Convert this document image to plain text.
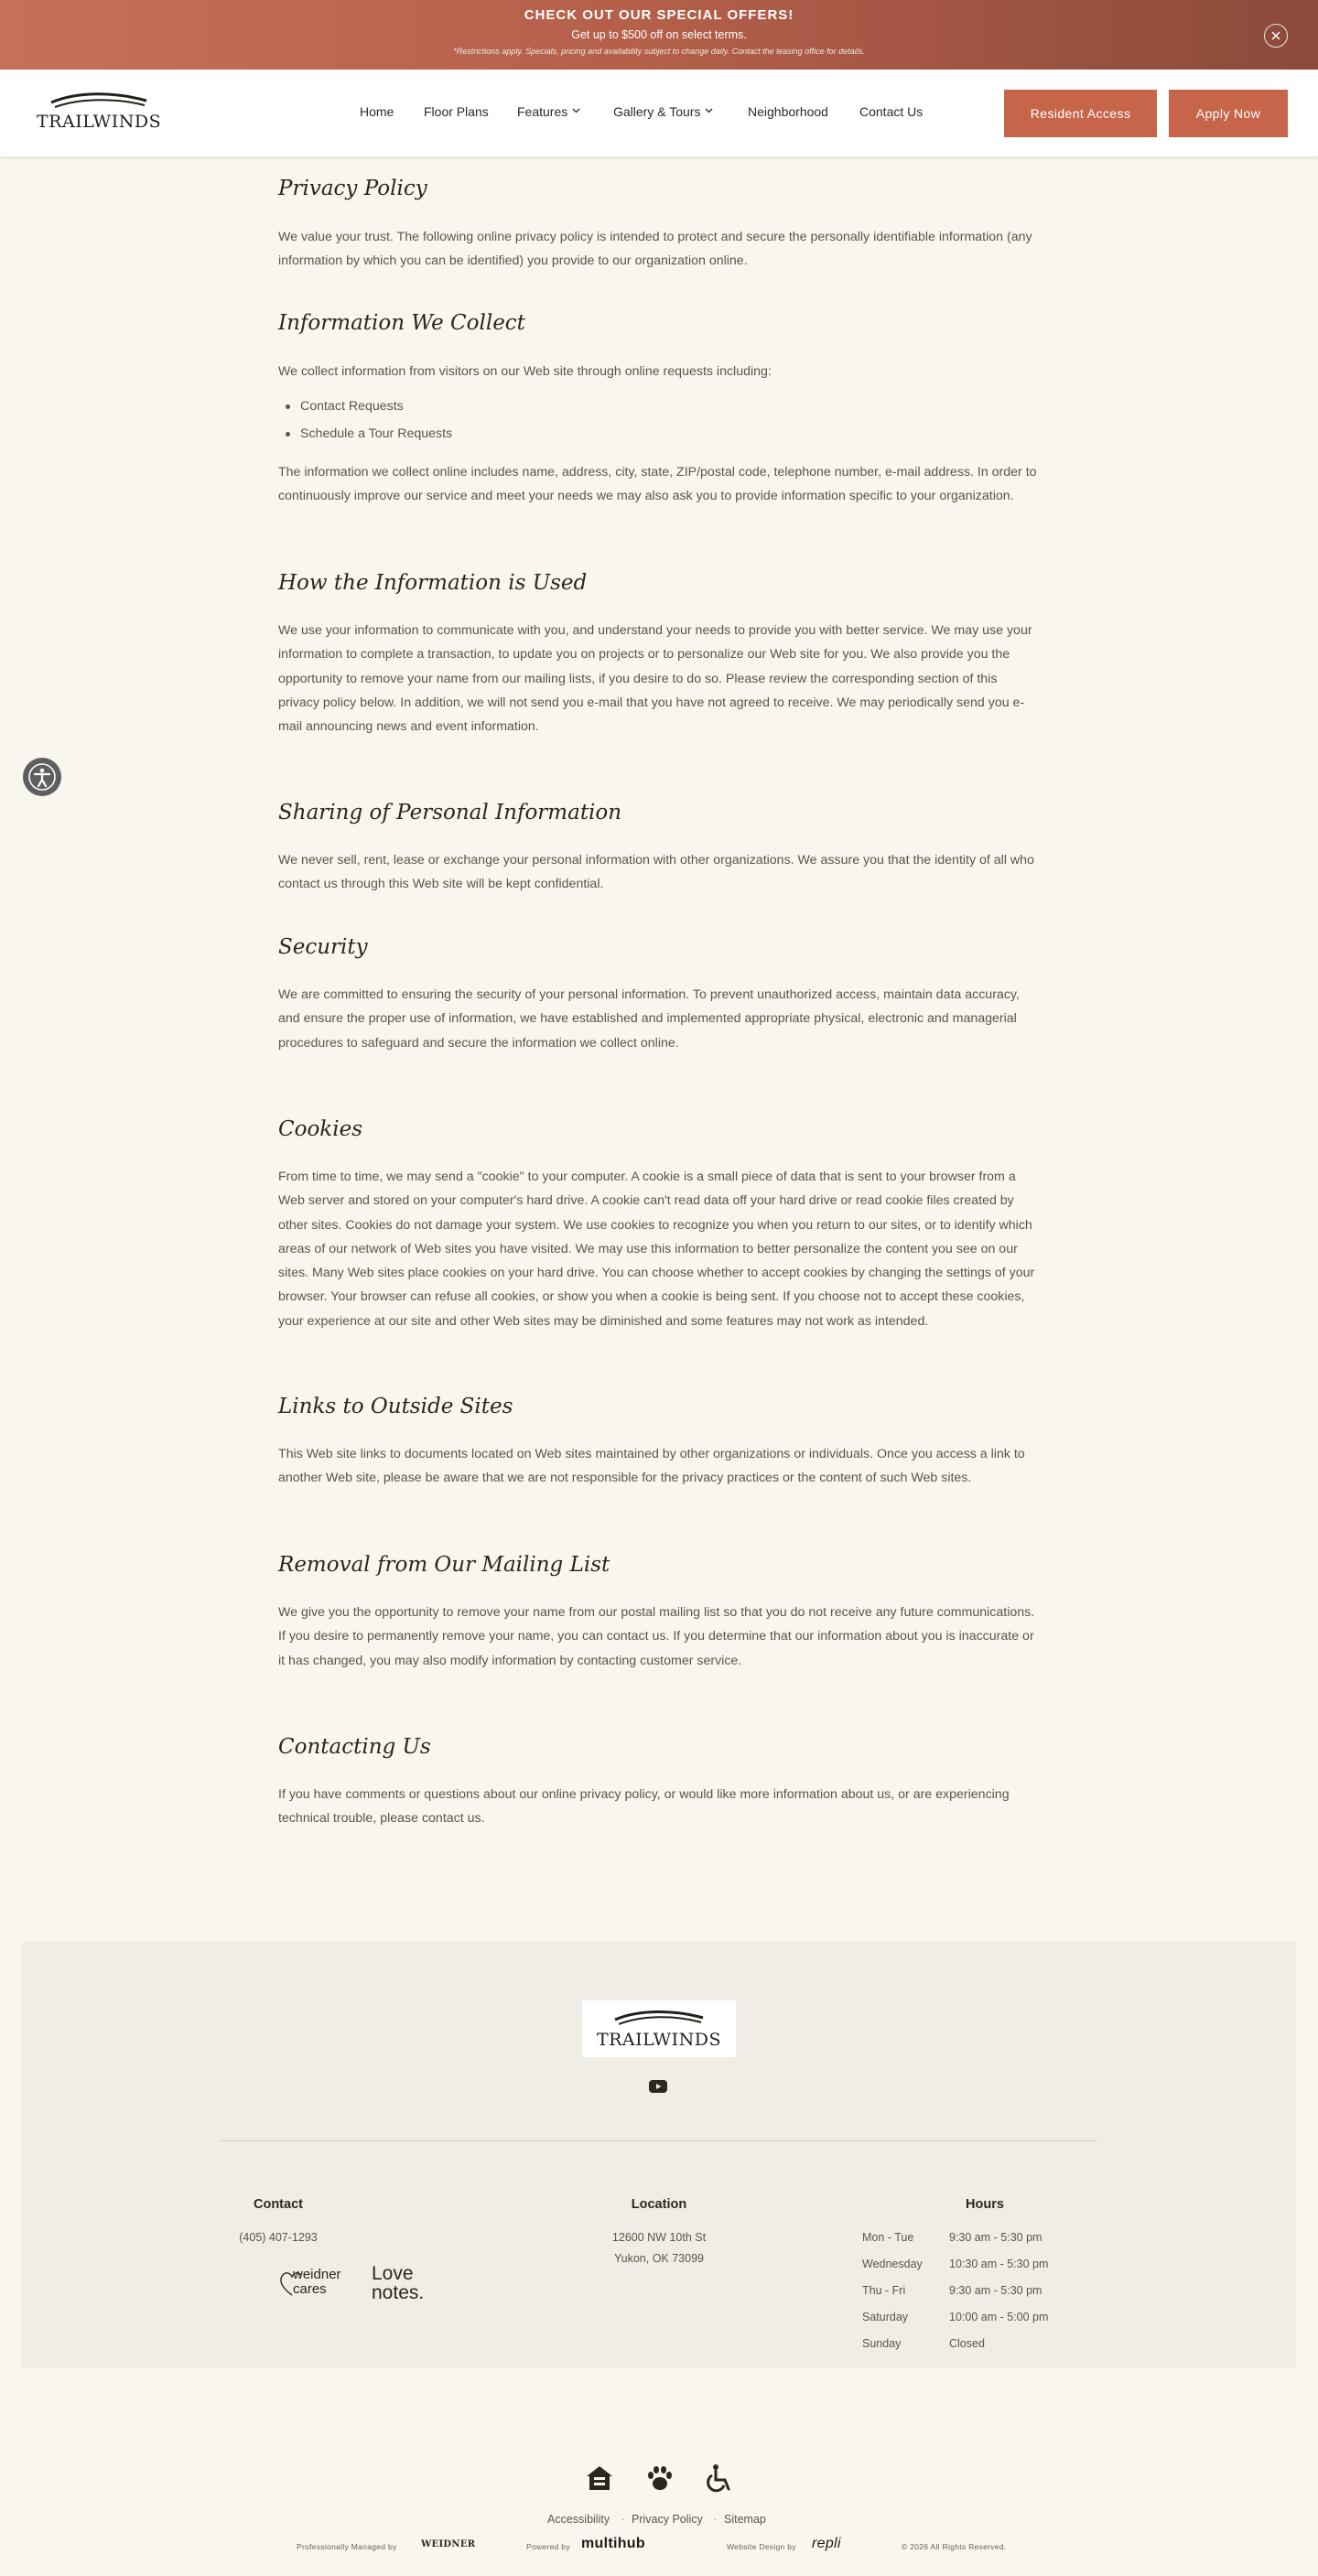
CHECK OUT OUR SPECIAL OFFERS!
Get up to $500 off on select terms.
*Restrictions apply. Specials, pricing and availability subject to change daily. Contact the leasing office for details.
TRAILWINDS	Home Floor Plans Features	Gallery & Tours	Neighborhood Contact Us	Resident Access	Apply Now
Privacy Policy
We value your trust. The following online privacy policy is intended to protect and secure the personally identifiable information (any information by which you can be identified) you provide to our organization online.
Information We Collect
We collect information from visitors on our Web site through online requests including:
Contact Requests
Schedule a Tour Requests
The information we collect online includes name, address, city, state, ZIP/postal code, telephone number, e-mail address. In order to continuously improve our service and meet your needs we may also ask you to provide information specific to your organization.
How the Information is Used
We use your information to communicate with you, and understand your needs to provide you with better service. We may use your information to complete a transaction, to update you on projects or to personalize our Web site for you. We also provide you the opportunity to remove your name from our mailing lists, if you desire to do so. Please review the corresponding section of this privacy policy below. In addition, we will not send you e-mail that you have not agreed to receive. We may periodically send you e-mail announcing news and event information.
Sharing of Personal Information
We never sell, rent, lease or exchange your personal information with other organizations. We assure you that the identity of all who contact us through this Web site will be kept confidential.
Security
We are committed to ensuring the security of your personal information. To prevent unauthorized access, maintain data accuracy, and ensure the proper use of information, we have established and implemented appropriate physical, electronic and managerial procedures to safeguard and secure the information we collect online.
Cookies
From time to time, we may send a "cookie" to your computer. A cookie is a small piece of data that is sent to your browser from a Web server and stored on your computer's hard drive. A cookie can't read data off your hard drive or read cookie files created by other sites. Cookies do not damage your system. We use cookies to recognize you when you return to our sites, or to identify which areas of our network of Web sites you have visited. We may use this information to better personalize the content you see on our sites. Many Web sites place cookies on your hard drive. You can choose whether to accept cookies by changing the settings of your browser. Your browser can refuse all cookies, or show you when a cookie is being sent. If you choose not to accept these cookies, your experience at our site and other Web sites may be diminished and some features may not work as intended.
Links to Outside Sites
This Web site links to documents located on Web sites maintained by other organizations or individuals. Once you access a link to another Web site, please be aware that we are not responsible for the privacy practices or the content of such Web sites.
Removal from Our Mailing List
We give you the opportunity to remove your name from our postal mailing list so that you do not receive any future communications. If you desire to permanently remove your name, you can contact us. If you determine that our information about you is inaccurate or it has changed, you may also modify information by contacting customer service.
Contacting Us
If you have comments or questions about our online privacy policy, or would like more information about us, or are experiencing technical trouble, please contact us.
TRAILWINDS
Contact
(405) 407-1293
weidner cares
Love notes.
Location
12600 NW 10th St
Yukon, OK 73099
Hours
Mon - Tue	9:30 am - 5:30 pm
Wednesday 10:30 am - 5:30 pm
Thu - Fri	9:30 am - 5:30 pm
Saturday	10:00 am - 5:00 pm
Sunday	Closed
Accessibility · Privacy Policy · Sitemap
Professionally Managed by	WEIDNER	Powered by multihub	Website Design by repli	© 2026 All Rights Reserved.
